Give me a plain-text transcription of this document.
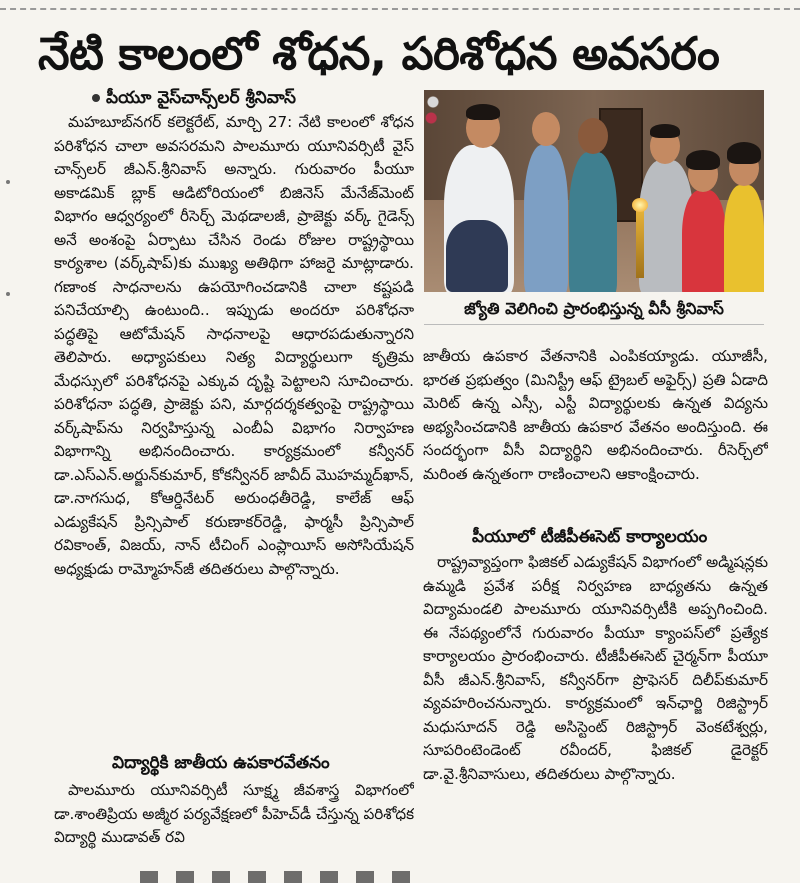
నేటి కాలంలో శోధన, పరిశోధన అవసరం
పీయూ వైస్‌చాన్స్‌లర్ శ్రీనివాస్
మహబూబ్‌నగర్ కలెక్టరేట్, మార్చి 27: నేటి కాలంలో శోధన పరిశోధన చాలా అవసరమని పాలమూరు యూనివర్సిటీ వైస్ చాన్స్‌లర్ జీఎన్.శ్రీనివాస్ అన్నారు. గురువారం పీయూ అకాడమిక్ బ్లాక్ ఆడిటోరియంలో బిజినెస్ మేనేజ్‌మెంట్ విభాగం ఆధ్వర్యంలో రీసెర్చ్ మెథడాలజీ, ప్రాజెక్టు వర్క్ గైడెన్స్ అనే అంశంపై ఏర్పాటు చేసిన రెండు రోజుల రాష్ట్రస్థాయి కార్యశాల (వర్క్‌షాప్)కు ముఖ్య అతిథిగా హాజరై మాట్లాడారు. గణాంక సాధనాలను ఉపయోగించడానికి చాలా కష్టపడి పనిచేయాల్సి ఉంటుంది.. ఇప్పుడు అందరూ పరిశోధనా పద్ధతిపై ఆటోమేషన్ సాధనాలపై ఆధారపడుతున్నారని తెలిపారు. అధ్యాపకులు నిత్య విద్యార్థులుగా కృత్రిమ మేధస్సులో పరిశోధనపై ఎక్కువ దృష్టి పెట్టాలని సూచించారు. పరిశోధనా పద్ధతి, ప్రాజెక్టు పని, మార్గదర్శకత్వంపై రాష్ట్రస్థాయి వర్క్‌షాప్‌ను నిర్వహిస్తున్న ఎంబీఏ విభాగం నిర్వాహణ విభాగాన్ని అభినందించారు. కార్యక్రమంలో కన్వీనర్ డా.ఎస్ఎన్.అర్జున్‌కుమార్, కోకన్వీనర్ జావీద్ మొహమ్మద్‌ఖాన్, డా.నాగసుధ, కోఆర్డినేటర్ అరుంధతీరెడ్డి, కాలేజ్ ఆఫ్ ఎడ్యుకేషన్ ప్రిన్సిపాల్ కరుణాకర్‌రెడ్డి, ఫార్మసీ ప్రిన్సిపాల్ రవికాంత్, విజయ్, నాన్ టీచింగ్ ఎంప్లాయీస్ అసోసియేషన్ అధ్యక్షుడు రామ్మోహన్‌జీ తదితరులు పాల్గొన్నారు.
విద్యార్థికి జాతీయ ఉపకారవేతనం
పాలమూరు యూనివర్సిటీ సూక్ష్మ జీవశాస్త్ర విభాగంలో డా.శాంతిప్రియ అజ్మీర పర్యవేక్షణలో పీహెచ్‌డీ చేస్తున్న పరిశోధక విద్యార్థి ముడావత్ రవి
జ్యోతి వెలిగించి ప్రారంభిస్తున్న వీసీ శ్రీనివాస్
జాతీయ ఉపకార వేతనానికి ఎంపికయ్యాడు. యూజీసీ, భారత ప్రభుత్వం (మినిస్ట్రీ ఆఫ్ ట్రైబల్ అఫైర్స్) ప్రతి ఏడాది మెరిట్ ఉన్న ఎస్సీ, ఎస్టీ విద్యార్థులకు ఉన్నత విద్యను అభ్యసించడానికి జాతీయ ఉపకార వేతనం అందిస్తుంది. ఈ సందర్భంగా వీసీ విద్యార్థిని అభినందించారు. రీసెర్చ్‌లో మరింత ఉన్నతంగా రాణించాలని ఆకాంక్షించారు.
పీయూలో టీజీపీఈసెట్ కార్యాలయం
రాష్ట్రవ్యాప్తంగా ఫిజికల్ ఎడ్యుకేషన్ విభాగంలో అడ్మిషన్లకు ఉమ్మడి ప్రవేశ పరీక్ష నిర్వహణ బాధ్యతను ఉన్నత విద్యామండలి పాలమూరు యూనివర్సిటీకి అప్పగించింది. ఈ నేపథ్యంలోనే గురువారం పీయూ క్యాంపస్‌లో ప్రత్యేక కార్యాలయం ప్రారంభించారు. టీజీపీఈసెట్ చైర్మన్‌గా పీయూ వీసీ జీఎన్.శ్రీనివాస్, కన్వీనర్‌గా ప్రొఫెసర్ దిలీప్‌కుమార్ వ్యవహరించనున్నారు. కార్యక్రమంలో ఇన్‌ఛార్జి రిజిస్ట్రార్ మధుసూదన్ రెడ్డి అసిస్టెంట్ రిజిస్ట్రార్ వెంకటేశ్వర్లు, సూపరింటెండెంట్ రవీందర్, ఫిజికల్ డైరెక్టర్ డా.వై.శ్రీనివాసులు, తదితరులు పాల్గొన్నారు.
